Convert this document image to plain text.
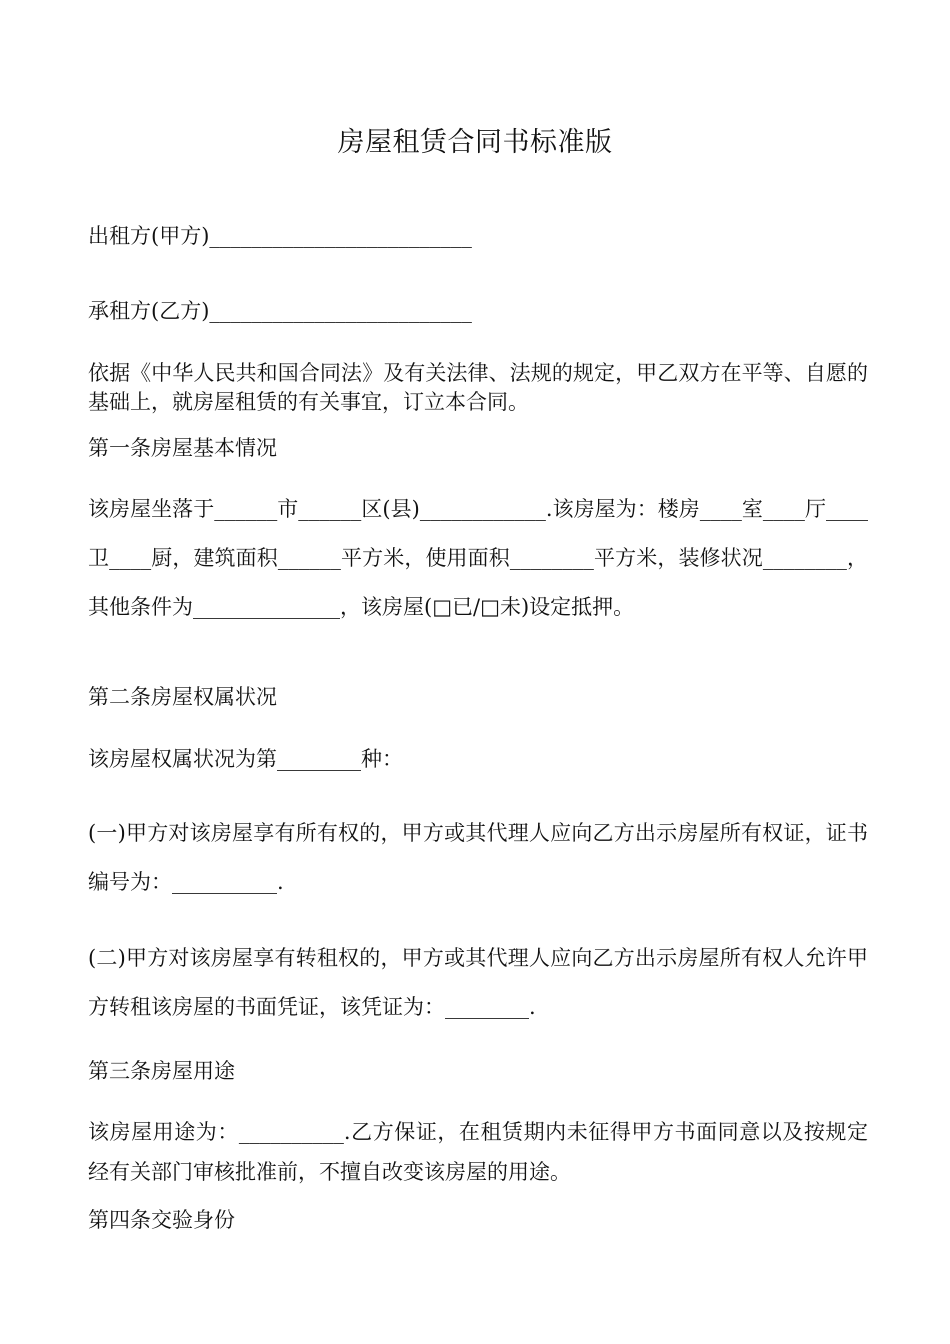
房屋租赁合同书标准版
出租方(甲方)_________________________
承租方(乙方)_________________________
依据《中华人民共和国合同法》及有关法律、法规的规定，甲乙双方在平等、自愿的基础上，就房屋租赁的有关事宜，订立本合同。
第一条房屋基本情况
该房屋坐落于______市______区(县)____________.该房屋为：楼房____室____厅____卫____厨，建筑面积______平方米，使用面积________平方米，装修状况________，其他条件为______________，该房屋(□已/□未)设定抵押。
第二条房屋权属状况
该房屋权属状况为第________种：
(一)甲方对该房屋享有所有权的，甲方或其代理人应向乙方出示房屋所有权证，证书编号为：__________.
(二)甲方对该房屋享有转租权的，甲方或其代理人应向乙方出示房屋所有权人允许甲方转租该房屋的书面凭证，该凭证为：________.
第三条房屋用途
该房屋用途为：__________.乙方保证，在租赁期内未征得甲方书面同意以及按规定经有关部门审核批准前，不擅自改变该房屋的用途。
第四条交验身份
